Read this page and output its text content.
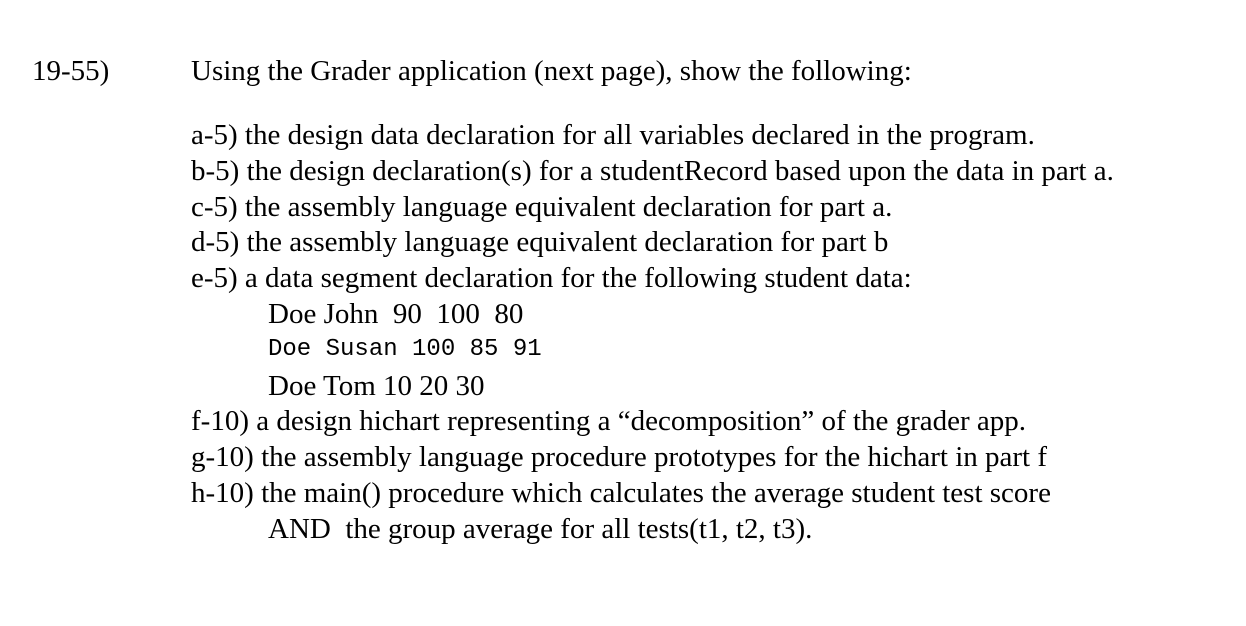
19-55)	Using the Grader application (next page), show the following:
a-5) the design data declaration for all variables declared in the program.
b-5) the design declaration(s) for a studentRecord based upon the data in part a.
c-5) the assembly language equivalent declaration for part a.
d-5) the assembly language equivalent declaration for part b
e-5) a data segment declaration for the following student data:
Doe John  90  100  80
Doe Susan 100 85 91
Doe Tom 10 20 30
f-10) a design hichart representing a “decomposition” of the grader app.
g-10) the assembly language procedure prototypes for the hichart in part f
h-10) the main() procedure which calculates the average student test score
AND  the group average for all tests(t1, t2, t3).
